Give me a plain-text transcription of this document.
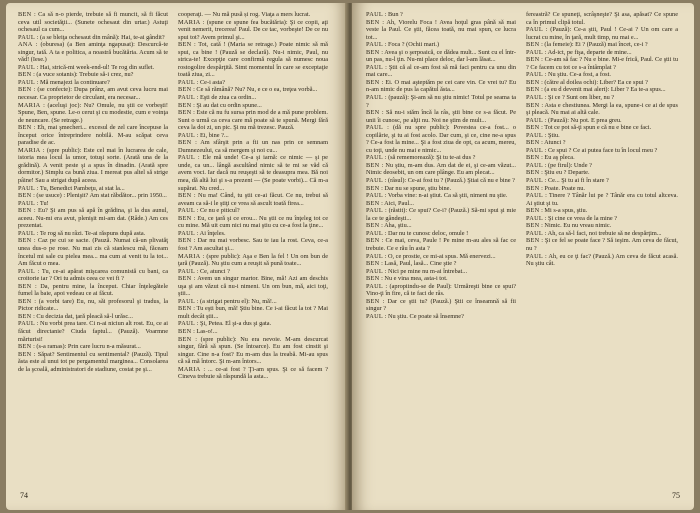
BEN : Ca să n-o pierde, trebuie să fi muncit, să fi făcut ceva util societăţii... (Sunete ochesaut din urtar.) Astuţi ochesaul ca cum...

PAUL : (a se bleiţa ochesaut din mână): Hai, te-ai gândit?

ANA : (oburesa) (a Ben aminţa ngapusat): Descurcă-te singur, tată. A ta e politica, a noastră bucătăria. Acum să te văd! (Iese.)

PAUL : Hai, strică-mi week-end-ul! Te rog din suflet.

BEN : (a vuce sotanis): Trebuie să-i crez, nu?

PAUL : Mă menajezi la continuare?

BEN : (se confecte): Dupa prânz, am avut ceva lucru mai necesar. Ca proprietor de circulant, era necesar...

MARIA : (aceluşi joc): Nu? Omule, nu ştii ce vorbeşti! Spune, Ben, spune. Le-o cerut şi cu modestie, cum e voinţa de neuncare. (Se retrage.)

BEN : Eh, mai şmecheri... excesul de zel care începuse la început orice întreprindere nobilă. M-au scăpat ceva paradise de ac.

MARIA : (spre public): Este cel mai în lucrarea de cale, istoria mea locul la umor, totuşi sorte. (Arată una de la grădină). A venit peste şi a spus în dinadin. (Arată spre dormitor.) Simplu ca bună ziua. I mereat pus altel să strige pâine! Sau a strigat după aceea.

PAUL : Tu, Benedict Pambeţu, ai stat la...

BEN : (se usuce) : Plenişit? Am stat răbdător... prin 1950...

PAUL : Tu!

BEN : Eu? Şi am pus să apă în grădina, şi la dus aunul, aceeu. Nu-mi era avut, plenişit mi-am dat. (Râde.) Am ces prezentat.

PAUL : Te rog să nu râzi. Te-ai răspuns după asta.

BEN : Caz pe cui se sacte. (Pauză. Numai că-un plivatăţ unea dus-o pe rose. Nu mai zis că stanlescu mă, făceam încetul mi sale cu pielea mea... ma cum ai venit tu la tot... Am făcut o mea.

PAUL : Tu, ce-ai apărat mişcarea comunistă cu bani, ca croitorie iar ? Ori tu admis ceea ce vei fi ?

BEN : Da, pentru mine, la început. Chiar înţelegătele fumel la baie, apoi vedeau ce ai făcut.

BEN : (a vorbi tare) Eu, nu, săi profesorul şi tradus, la Pictor ridicate...

BEN : Cu decizia dat, ţară pleacă să-l urăsc...

PAUL : Nu vorbi prea tare. Ci n-ai niciun alt rost. Eu, ce ai făcut directanie? Ciuda faptul... (Pauză). Voarmne mărturisi!

BEN : (s-a ramas): Prin care lucru n-a măsurat...

BEN : Săpat? Sentimentul cu sentimental? (Pauză). Tipul ăsta este al unui tot pe pergamentul marginea... Consolarea de la şcoală, administratori de stadiune, costat pe şi...

cooperaţi. — Nu mă pusă și rog. Viaţa a mers lucrat.

MARIA : (spune ce spune fea bucătăria): Şi ce copii, aţi venit nemerit, trecerea! Paul. De ce tac, vorbeşte! De ce nu spui tot? Avem primul şi...

BEN : Tot, cată ! (Maria se retrage.) Poate nimic să mă spui, ca bine ! (Pauză se declară). Nu-i nimic, Paul, nu strica-te! Excepţie care confirmă regula să numesc noua rostogolire despărţită. Simt momentul în care se exceptaţie toată ziua, zi...

PAUL : Ce-i asta?

BEN : Ce să rămână? Nu? Nu, e ce o ea, treţea vorbă...

PAUL : Eşti de ziua ca ordin...

BEN : Şi au dat cu ordin spune...

BEN : Este că nu fu sursa prin mod de a mă pune problem. Sunt o urmă ca ceva care mă poate să te spună. Mergi fără ceva la doi zi, un pic. Şi nu mă trezesc. Pauză.

PAUL : Ei, bine ?...

BEN : Am sfârşit prin a fii un nas prin ce semnam Dumnezeului, ca să mergem şi noi cu...

PAUL : Ele mă unde! Ce-a şi iarnă: ce nimic — şi pe unde, ca un... lângă ascultând nimic să te mi se văd că avem voci. Iar dacă nu reuşeşti să te deasupra mea. Bă noi mea, dă altă lui şi s-a prezent — (Se poate vorbi)... Că m-a supărat. Nu cred...

BEN : Nu ma! Când, tu ştii ce-ai făcut. Ce nu, trebui să aveam ca să-i le ştiţi ce vrea să ascult toată firea...

PAUL : Ce nu e piticul?

BEN : Eu, ce ţară şi ce erou... Nu ştii ce nu înţeleg tot ce cu mine. Mă uit cum nici nu mai ştiu cu ce-a fost la ţine...

PAUL : Ai înţeles.

BEN : Dar nu mai vorbesc. Sau te iau la rost. Ceva, ce-a fost ? Am ascultat şi...

MARIA : (spre public): Aşa e Ben la fel ! Un om bun de ţară (Pauză). Nu ştiu cum a reuşit să pună toate...

PAUL : Ce, atunci ?

BEN : Avem un singur martor. Bine, mă! Azi am deschis uşa şi am văzut că nu-i nimeni. Un om bun, mă, aici toţi, ştii...

PAUL : (a strigat pentru el): Nu, mă!...

BEN : Tu eşti bun, mă! Ştiu bine. Ce i-ai făcut la tot ? Mai mult decât ştii...

PAUL : Şi, Petea. El şi-a dus şi gata.

BEN : Las-o!...

BEN : (spre public): Nu era nevoie. M-am descurcat singur, fără să spun. (Se întoarce). Eu am fost cinstit şi singur. Cine n-a fost? Eu m-am dus la treabă. Mi-au spus că să mă întorc. Şi m-am întors...

MARIA : ... ce-ai fost ? Ţi-am spus. Şi ce să facem ? Cineva trebuie să răspundă la asta...

74

PAUL : Bun ?

BEN : Ah, Viorelu Foca ! Avea hoţul gras până să mai veste la Paul. Ce ştii, făcea toată, nu mai spun, ce lucra tot...

PAUL : Foca ? (Ochii mari.)

BEN : Avea şi o şerpoaică, ce dădea mult... Sunt cu el într-un pas, nu-l ţin. Nu-mi place deloc, dar l-am lăsat...

PAUL : Ştii că al ce-am fost să mă faci pentru ca unu din mai care...

BEN : Ei. O mai aşteptăm pe cei care vin. Ce vrei tu? Eu n-am nimic de pus la capătul ăsta...

PAUL : (pauză): Şi-am să nu ştiu nimic! Totul pe seama ta ?

BEN : Să nu-i stăm încă la râs, ştii bine ce s-a făcut. Pe unii îi cunosc, pe alţii nu. Noi ne ştim de mult...

PAUL : (dă nu spre public): Povestea ce-a fost... o copilărie, şi tu ai fost acolo. Dar cum, şi ce, cine ne-a spus ? Ce-a fost la mine... Şi a fost ziua de opt, ca acum, mereu, cu toţi, unde nu mai e nimic...

PAUL : (să rememorează): Şi tu te-ai dus ?

BEN : Nu ştiu, m-am dus. Am dat de ei, şi ce-am văzut... Nimic deosebit, un om care plânge. Eu am plecat...

PAUL : (râsul): Ce-ai fost tu ? (Pauză.) Ştiai că nu e bine ?

BEN : Dar nu se spune, ştiu bine.

PAUL : Vorba vine: n-ai ştiut. Ca să ştii, nimeni nu ştie.

BEN : Aici, Paul...

PAUL : (răstit): Ce spui? Ce-i? (Pauză.) Să-mi spui şi mie la ce te gândeşti...

BEN : Aha, ştiu...

PAUL : Dar nu te cunosc deloc, omule !

BEN : Ce mai, ceva, Paule ! Pe mine m-au ales să fac ce trebuie. Ce e rău în asta ?

PAUL : O, ce prostie, ce mi-ai spus. Mă enervezi...

BEN : Lasă, Paul, lasă... Cine ştie ?

PAUL : Nici pe mine nu m-ai întrebat...

BEN : Nu e vina mea, asta-i tot.

PAUL : (apropiindu-se de Paul): Urmăreşti bine ce spui? Vino-ţi în fire, că te faci de râs.

BEN : Dar ce ştii tu? (Pauză.) Ştii ce înseamnă să fii singur ?

PAUL : Nu ştiu. Ce poate să însemne?

fereastră? Ce spuneţi, scrâşneşte? Şi asa, apăsat? Ce spune ca în primul clipă totul.

PAUL : (Pauză): Ce-a ştii, Paul ! Ce-ai ? Un om care a lucrat cu mine, în ţară, mult timp, nu mai e...

BEN : (la femeie): Ei ? (Pauză) mai încet, ce-i ?

PAUL : Ad-ict, pe fişa, departe de mine...

BEN : Ce-am să fac ? Nu e bine. Mi-e frică, Paul. Ce ştii tu ? Ce facem cu tot ce s-a întâmplat ?

PAUL : Nu ştiu. Ce-a fost, a fost.

BEN : (către al doilea ochi): Liber? Ea ce spui ?

BEN : (a eu d devenit mai alert): Liber ? Ea te-a spus...

PAUL : Şi ce ? Sunt om liber, nu ?

BEN : Asta e chestiunea. Mergi la ea, spune-i ce ai de spus şi pleacă. Nu mai ai altă cale.

PAUL : (Pauză): Nu pot. E prea greu.

BEN : Tot ce pot să-ţi spun e că nu e bine ce faci.

PAUL : Ştiu.

BEN : Atunci ?

PAUL : Ce spui ? Ce ai putea face tu în locul meu ?

BEN : Eu aş pleca.

PAUL : (pe firul): Unde ?

BEN : Ştiu eu ? Departe.

PAUL : Ce... Şi tu ai fi în stare ?

BEN : Poate. Poate nu.

PAUL : Tinere ? Tânăr lui pe ? Tânăr era cu totul altceva. Ai ştiut şi tu.

BEN : Mi s-a spus, ştiu.

PAUL : Şi cine ce vrea de la mine ?

BEN : Nimic. Eu nu vreau nimic.

PAUL : Ah, ca să-l faci, noi trebuie să ne despărţim...

BEN : Şi ce fel se poate face ? Să ieşim. Am ceva de făcut, nu ?

PAUL : Ah, eu ce ţi fac? (Pauză.) Am ceva de făcut acasă. Nu ştiu cât.

75
